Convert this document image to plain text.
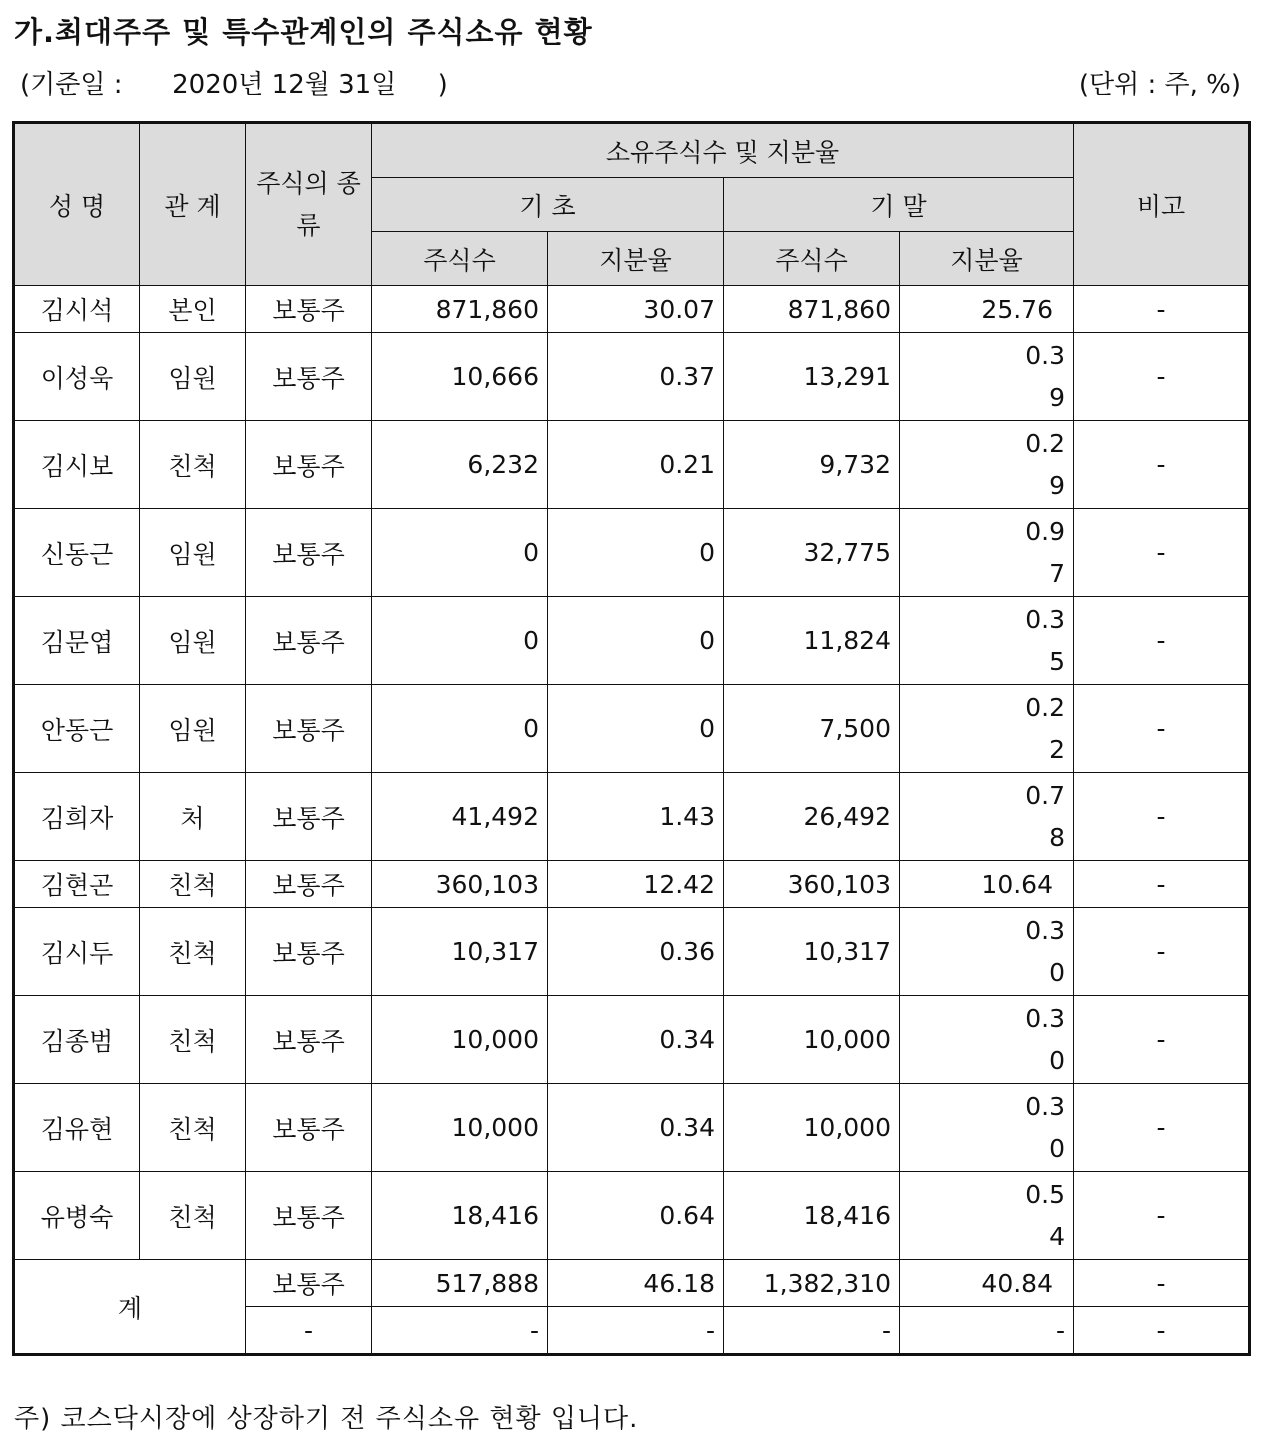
가.최대주주 및 특수관계인의 주식소유 현황
(기준일 :      2020년 12월 31일     )	(단위 : 주, %)
성 명	관 계	주식의 종류	소유주식수 및 지분율				비고
			기 초		기 말		
			주식수	지분율	주식수	지분율	
김시석	본인	보통주	871,860	30.07	871,860	25.76	-
이성욱	임원	보통주	10,666	0.37	13,291	0.39	-
김시보	친척	보통주	6,232	0.21	9,732	0.29	-
신동근	임원	보통주	0	0	32,775	0.97	-
김문엽	임원	보통주	0	0	11,824	0.35	-
안동근	임원	보통주	0	0	7,500	0.22	-
김희자	처	보통주	41,492	1.43	26,492	0.78	-
김현곤	친척	보통주	360,103	12.42	360,103	10.64	-
김시두	친척	보통주	10,317	0.36	10,317	0.30	-
김종범	친척	보통주	10,000	0.34	10,000	0.30	-
김유현	친척	보통주	10,000	0.34	10,000	0.30	-
유병숙	친척	보통주	18,416	0.64	18,416	0.54	-
계		보통주	517,888	46.18	1,382,310	40.84	-
		-	-	-	-	-	-
주) 코스닥시장에 상장하기 전 주식소유 현황 입니다.
